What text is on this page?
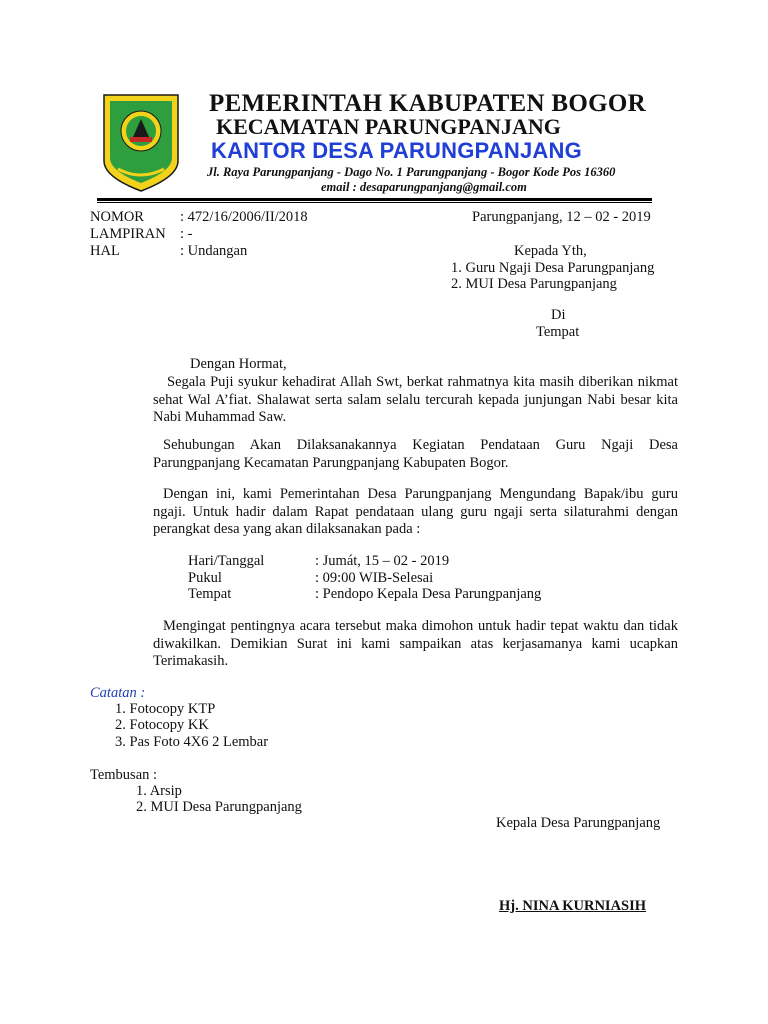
PEMERINTAH KABUPATEN BOGOR
KECAMATAN PARUNGPANJANG
KANTOR DESA PARUNGPANJANG
Jl. Raya Parungpanjang - Dago No. 1 Parungpanjang - Bogor Kode Pos 16360
email : desaparungpanjang@gmail.com
NOMOR : 472/16/2006/II/2018
LAMPIRAN : -
HAL	: Undangan
Parungpanjang, 12 – 02 - 2019
Kepada Yth,
1. Guru Ngaji Desa Parungpanjang
2. MUI Desa Parungpanjang
Di
Tempat
Dengan Hormat,
Segala Puji syukur kehadirat Allah Swt, berkat rahmatnya kita masih diberikan nikmat sehat Wal A’fiat. Shalawat serta salam selalu tercurah kepada junjungan Nabi besar kita Nabi Muhammad Saw.
Sehubungan Akan Dilaksanakannya Kegiatan Pendataan Guru Ngaji Desa Parungpanjang Kecamatan Parungpanjang Kabupaten Bogor.
Dengan ini, kami Pemerintahan Desa Parungpanjang Mengundang Bapak/ibu guru ngaji. Untuk hadir dalam Rapat pendataan ulang guru ngaji serta silaturahmi dengan perangkat desa yang akan dilaksanakan pada :
Hari/Tanggal	: Jumát, 15 – 02 - 2019
Pukul	: 09:00 WIB-Selesai
Tempat	: Pendopo Kepala Desa Parungpanjang
Mengingat pentingnya acara tersebut maka dimohon untuk hadir tepat waktu dan tidak diwakilkan. Demikian Surat ini kami sampaikan atas kerjasamanya kami ucapkan Terimakasih.
Catatan :
1. Fotocopy KTP
2. Fotocopy KK
3. Pas Foto 4X6 2 Lembar
Tembusan :
1. Arsip
2. MUI Desa Parungpanjang
Kepala Desa Parungpanjang
Hj. NINA KURNIASIH
